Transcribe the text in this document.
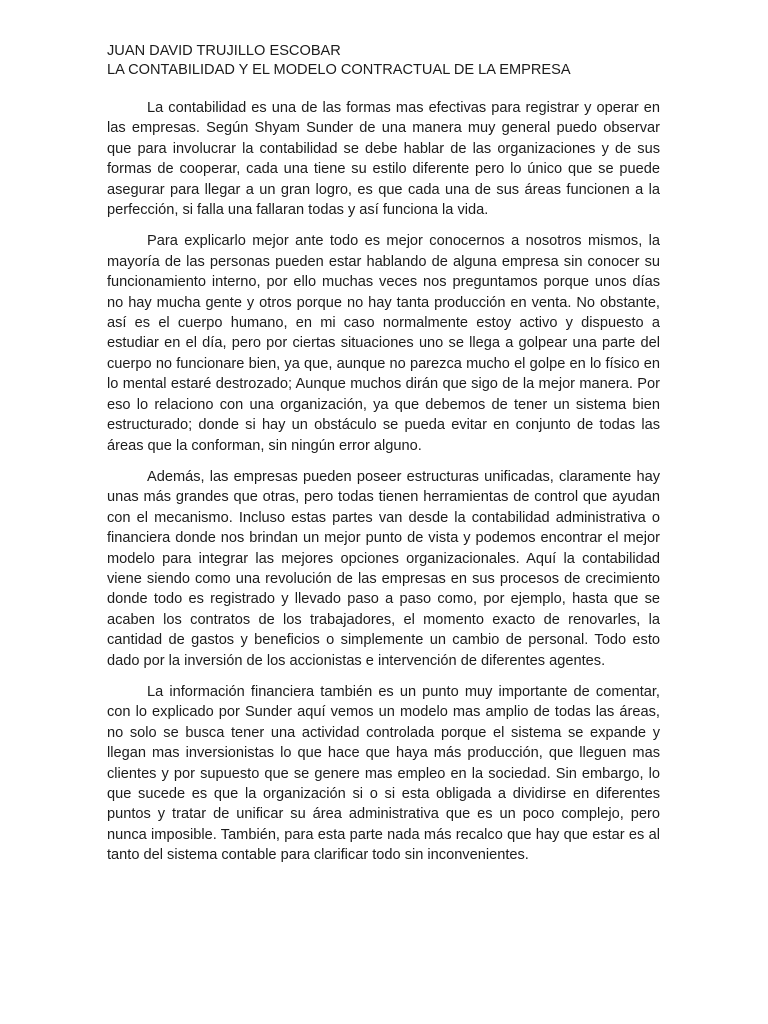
JUAN DAVID TRUJILLO ESCOBAR

LA CONTABILIDAD Y EL MODELO CONTRACTUAL DE LA EMPRESA

La contabilidad es una de las formas mas efectivas para registrar y operar en las empresas. Según Shyam Sunder de una manera muy general puedo observar que para involucrar la contabilidad se debe hablar de las organizaciones y de sus formas de cooperar, cada una tiene su estilo diferente pero lo único que se puede asegurar para llegar a un gran logro, es que cada una de sus áreas funcionen a la perfección, si falla una fallaran todas y así funciona la vida.

Para explicarlo mejor ante todo es mejor conocernos a nosotros mismos, la mayoría de las personas pueden estar hablando de alguna empresa sin conocer su funcionamiento interno, por ello muchas veces nos preguntamos porque unos días no hay mucha gente y otros porque no hay tanta producción en venta. No obstante, así es el cuerpo humano, en mi caso normalmente estoy activo y dispuesto a estudiar en el día, pero por ciertas situaciones uno se llega a golpear una parte del cuerpo no funcionare bien, ya que, aunque no parezca mucho el golpe en lo físico en lo mental estaré destrozado; Aunque muchos dirán que sigo de la mejor manera. Por eso lo relaciono con una organización, ya que debemos de tener un sistema bien estructurado; donde si hay un obstáculo se pueda evitar en conjunto de todas las áreas que la conforman, sin ningún error alguno.

Además, las empresas pueden poseer estructuras unificadas, claramente hay unas más grandes que otras, pero todas tienen herramientas de control que ayudan con el mecanismo. Incluso estas partes van desde la contabilidad administrativa o financiera donde nos brindan un mejor punto de vista y podemos encontrar el mejor modelo para integrar las mejores opciones organizacionales. Aquí la contabilidad viene siendo como una revolución de las empresas en sus procesos de crecimiento donde todo es registrado y llevado paso a paso como, por ejemplo, hasta que se acaben los contratos de los trabajadores, el momento exacto de renovarles, la cantidad de gastos y beneficios o simplemente un cambio de personal. Todo esto dado por la inversión de los accionistas e intervención de diferentes agentes.

La información financiera también es un punto muy importante de comentar, con lo explicado por Sunder aquí vemos un modelo mas amplio de todas las áreas, no solo se busca tener una actividad controlada porque el sistema se expande y llegan mas inversionistas lo que hace que haya más producción, que lleguen mas clientes y por supuesto que se genere mas empleo en la sociedad. Sin embargo, lo que sucede es que la organización si o si esta obligada a dividirse en diferentes puntos y tratar de unificar su área administrativa que es un poco complejo, pero nunca imposible. También, para esta parte nada más recalco que hay que estar es al tanto del sistema contable para clarificar todo sin inconvenientes.
